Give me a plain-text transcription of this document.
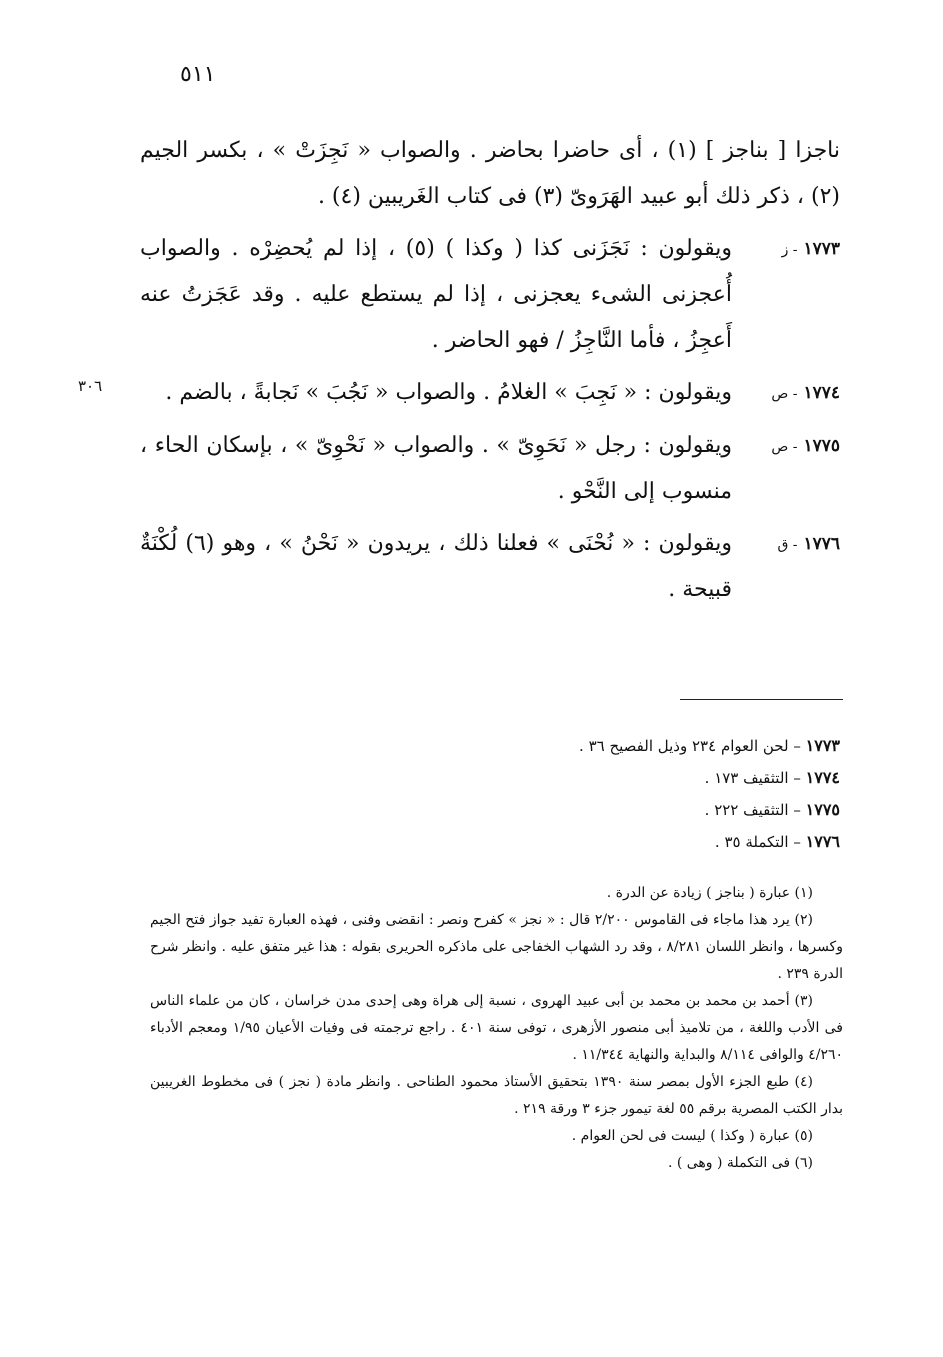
٥١١
٣٠٦

ناجزا [ بناجز ] (١) ، أى حاضرا بحاضر . والصواب « نَجِزَتْ » ، بكسر الجيم (٢) ، ذكر ذلك أبو عبيد الهَرَوىّ (٣) فى كتاب الغَريبين (٤) .

١٧٧٣ - ز
ويقولون : نَجَزَنى كذا ( وكذا ) (٥) ، إذا لم يُحضِرْه . والصواب أُعجزنى الشىء يعجزنى ، إذا لم يستطع عليه . وقد عَجَزتُ عنه أَعجِزُ ، فأما النَّاجِزُ / فهو الحاضر .
١٧٧٤ - ص
ويقولون : « نَجِبَ » الغلامُ . والصواب « نَجُبَ » نَجابةً ، بالضم .
١٧٧٥ - ص
ويقولون : رجل « نَحَوِىّ » . والصواب « نَحْوِىّ » ، بإسكان الحاء ، منسوب إلى النَّحْو .
١٧٧٦ - ق
ويقولون : « نُحْنَى » فعلنا ذلك ، يريدون « نَحْنُ » ، وهو (٦) لُكْنَةٌ قبيحة .
١٧٧٣ – لحن العوام ٢٣٤ وذيل الفصيح ٣٦ .
١٧٧٤ – التثقيف ١٧٣ .
١٧٧٥ – التثقيف ٢٢٢ .
١٧٧٦ – التكملة ٣٥ .

(١) عبارة ( بناجز ) زيادة عن الدرة .

(٢) يرد هذا ماجاء فى القاموس ٢/٢٠٠ قال : « نجز » كفرح ونصر : انقضى وفنى ، فهذه العبارة تفيد جواز فتح الجيم وكسرها ، وانظر اللسان ٨/٢٨١ ، وقد رد الشهاب الخفاجى على ماذكره الحريرى بقوله : هذا غير متفق عليه . وانظر شرح الدرة ٢٣٩ .

(٣) أحمد بن محمد بن محمد بن أبى عبيد الهروى ، نسبة إلى هراة وهى إحدى مدن خراسان ، كان من علماء الناس فى الأدب واللغة ، من تلاميذ أبى منصور الأزهرى ، توفى سنة ٤٠١ . راجع ترجمته فى وفيات الأعيان ١/٩٥ ومعجم الأدباء ٤/٢٦٠ والوافى ٨/١١٤ والبداية والنهاية ١١/٣٤٤ .

(٤) طبع الجزء الأول بمصر سنة ١٣٩٠ بتحقيق الأستاذ محمود الطناحى . وانظر مادة ( نجز ) فى مخطوط الغريبين بدار الكتب المصرية برقم ٥٥ لغة تيمور جزء ٣ ورقة ٢١٩ .

(٥) عبارة ( وكذا ) ليست فى لحن العوام .

(٦) فى التكملة ( وهى ) .
